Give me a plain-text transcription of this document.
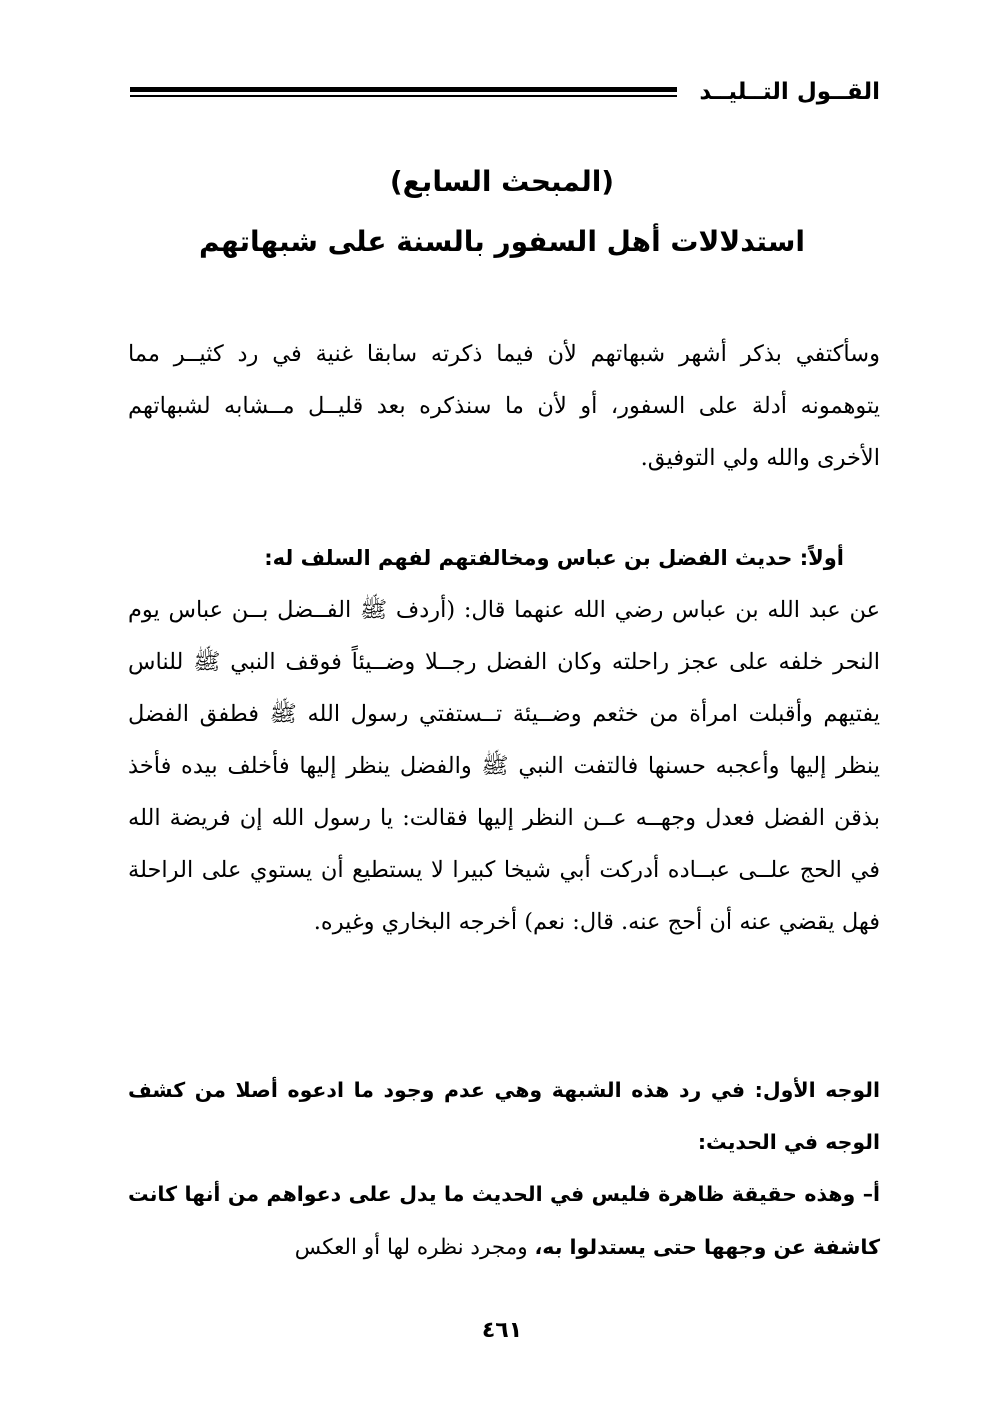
القــول التــليــد
(المبحث السابع)
استدلالات أهل السفور بالسنة على شبهاتهم

وسأكتفي بذكر أشهر شبهاتهم لأن فيما ذكرته سابقا غنية في رد كثيــر مما يتوهمونه أدلة على السفور، أو لأن ما سنذكره بعد قليــل مــشابه لشبهاتهم الأخرى والله ولي التوفيق.

أولاً: حديث الفضل بن عباس ومخالفتهم لفهم السلف له:

عن عبد الله بن عباس رضي الله عنهما قال: (أردف ﷺ الفــضل بــن عباس يوم النحر خلفه على عجز راحلته وكان الفضل رجــلا وضــيئاً فوقف النبي ﷺ للناس يفتيهم وأقبلت امرأة من خثعم وضــيئة تــستفتي رسول الله ﷺ فطفق الفضل ينظر إليها وأعجبه حسنها فالتفت النبي ﷺ والفضل ينظر إليها فأخلف بيده فأخذ بذقن الفضل فعدل وجهــه عــن النظر إليها فقالت: يا رسول الله إن فريضة الله في الحج علــى عبــاده أدركت أبي شيخا كبيرا لا يستطيع أن يستوي على الراحلة فهل يقضي عنه أن أحج عنه. قال: نعم) أخرجه البخاري وغيره.

الوجه الأول: في رد هذه الشبهة وهي عدم وجود ما ادعوه أصلا من كشف الوجه في الحديث:
أ– وهذه حقيقة ظاهرة فليس في الحديث ما يدل على دعواهم من أنها كانت كاشفة عن وجهها حتى يستدلوا به، ومجرد نظره لها أو العكس
٤٦١
